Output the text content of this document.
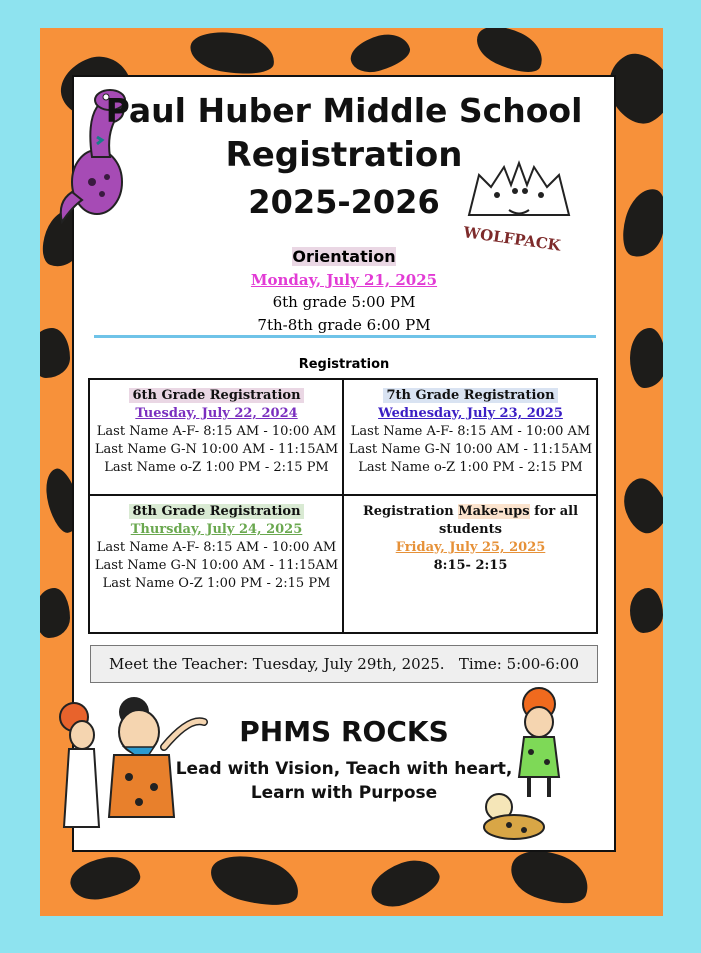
Paul Huber Middle School
Registration
2025-2026
WOLFPACK
Orientation
Monday, July 21, 2025
6th grade 5:00 PM
7th-8th grade 6:00 PM
Registration
6th Grade Registration
Tuesday, July 22, 2024
Last Name A-F- 8:15 AM - 10:00 AM
Last Name G-N 10:00 AM - 11:15AM
Last Name o-Z 1:00 PM - 2:15 PM
7th Grade Registration
Wednesday, July 23, 2025
Last Name A-F- 8:15 AM - 10:00 AM
Last Name G-N 10:00 AM - 11:15AM
Last Name o-Z 1:00 PM - 2:15 PM
8th Grade Registration
Thursday, July 24, 2025
Last Name A-F- 8:15 AM - 10:00 AM
Last Name G-N 10:00 AM - 11:15AM
Last Name O-Z 1:00 PM - 2:15 PM
Registration Make-ups for all
students
Friday, July 25, 2025
8:15- 2:15
Meet the Teacher: Tuesday, July 29th, 2025.   Time: 5:00-6:00
PHMS ROCKS
Lead with Vision, Teach with heart,
Learn with Purpose
